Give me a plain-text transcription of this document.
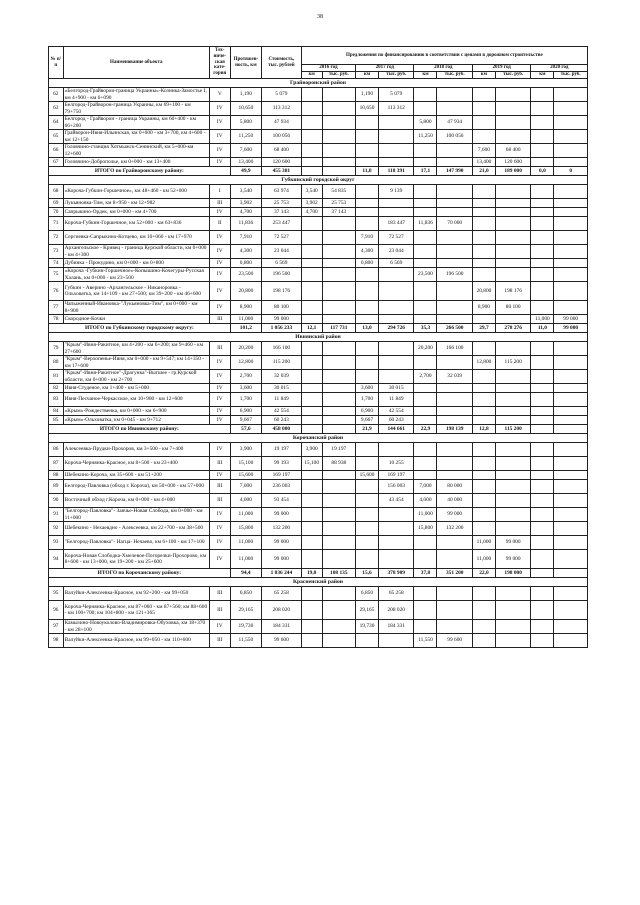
38
№ п/п	Наименование объекта	Тех-ниче-ская кате-гория	Протяжен-ность, км	Стоимость, тыс. рублей	Предложения по финансированию в соответствии с ценами в дорожном строительстве									
					2016 год		2017 год		2018 год		2019 год		2020 год	
					км	тыс. руб.	км	тыс. руб.	км	тыс. руб.	км	тыс. руб.	км	тыс. руб.
Грайворонский район														
62	«Белгород-Грайворон-граница Украины»-Козинка-Замостье I, км 4+900 - км 6+090	V	1,190	5 079			1,190	5 079						
63	Белгород-Грайворон-граница Украины, км 69+100 - км 79+750	IV	10,650	113 312			10,650	113 312						
64	Белгород - Грайворон - граница Украины, км 60+400 - км 66+200	IV	5,800	47 934					5,800	47 934				
65	Грайворон-Ивня-Ильинская, км 0+000 - км 3+700, км 4+600 - км 12+150	IV	11,250	100 056					11,250	100 056				
66	Головчино-станция Хотмыжск-Сенинский, км 5+000-км 12+600	IV	7,600	68 400							7,600	68 400		
67	Головчино-Доброполье, км 0+000 - км 13+400	IV	13,400	120 600							13,400	120 600		
ИТОГО по Грайворонскому району:			49,9	455 381			11,8	118 391	17,1	147 990	21,0	189 000	0,0	0
Губкинский городской округ														
68	«Короча-Губкин-Горшечное», км 48+460 - км 52+000	I	3,540	63 974	3,540	54 835		9 139						
69	Лукьяновка-Тим, км 8+950 - км 12+982	III	3,902	25 753	3,902	25 753								
70	Сапрыкино-Ордек, км 0+000 - км 4+700	IV	4,700	37 143	4,700	37 143								
71	Короча-Губкин-Горшечное, км 52+000 - км 63+836	II	11,836	253 447				183 447	11,836	70 000				
72	Сергиевка-Сапрыкино-Котцево, км 10+060 - км 17+970	IV	7,910	72 527			7,910	72 527						
73	Архангельское - Кривец - граница Курской области, км 0+000 - км 4+300	IV	4,300	23 044			4,300	23 044						
74	Дубинка - Прокудино, км 0+000 - км 0+800	IV	0,800	6 569			0,800	6 569						
75	«Короча -Губкин-Горшечное»-Копышино-Кочегуры-Русская Халань, км 0+000 - км 23+500	IV	23,500	196 500					23,500	196 500				
76	Губкин - Аверино -Архангельское - Никаноровка - Ольховатка, км 14+109 - км 27+500; км 39+200 - км 46+600	IV	20,800	198 176							20,800	198 176		
77	Чапыженный-Ивановка-"Лукьяновка-Тим", км 0+000 - км 8+900	IV	8,900	80 100							8,900	80 100		
78	Скородное-Кочки	III	11,000	99 000									11,000	99 000
ИТОГО по Губкинскому городскому округу:			101,2	1 056 233	12,1	117 731	13,0	294 726	35,3	266 500	29,7	278 276	11,0	99 000
Ивнянский район														
79	"Крым"-Ивня-Ракитное, км 4+200 - км 6+200; км 9+460 - км 27+600	III	20,200	166 100					20,200	166 100				
80	"Крым"-Верхопенье-Ивня, км 0+000 - км 9+547; км 14+350 - км 17+600	IV	12,800	115 200							12,800	115 200		
81	"Крым"-Ивня-Ракитное"-Драгунка"-Выгшее - гр.Курской области, км 0+000 - км 2+700	IV	2,700	32 039					2,700	32 039				
82	Ивня-Студеное, км 1+400 - км 5+000	IV	3,600	30 015			3,600	30 015						
83	Ивня-Песчаное-Черкасское, км 10+900 - км 12+600	IV	1,700	11 849			1,700	11 849						
84	«Крым»-Рождественка, км 0+000 - км 6+900	IV	6,900	42 554			6,900	42 554						
85	«Крым»-Ольховатка, км 0+045 - км 9+712	IV	9,667	60 243			9,667	60 243						
ИТОГО по Ивнянскому району:			57,6	458 000			21,9	144 661	22,9	198 139	12,8	115 200		
Корочанский район														
86	Алексеевка-Прудки-Прохоров, км 3+500 - км 7+400	IV	3,900	19 197	3,900	19 197								
87	Короча-Чернянка-Красное, км 8+500 - км 23+400	III	15,100	99 193	15,100	88 938		10 255						
88	Шебекино-Короча, км 35+600 - км 51+200	IV	15,600	169 197			15,600	169 197						
89	Белгород-Павловка (обход г. Короча), км 50+000 - км 57+000	III	7,000	236 003				156 003	7,000	80 000				
90	Восточный обход г.Короча, км 0+000 - км 4+000	III	4,000	93 454				43 454	4,000	40 000				
91	"Белгород-Павловка"- Заячье-Новая Слобода, км 0+000 - км 11+000	IV	11,000	99 000					11,000	99 000				
92	Шебекино - Нехаевдно - Алексеевка, км 22+700 - км 38+500	IV	15,800	132 200					15,800	132 200				
93	"Белгород-Павловка"- Нагца- Нечаево, км 6+100 - км 17+100	IV	11,000	99 000							11,000	99 000		
94	Короча-Новая Слободка-Хмелевое-Погорелки-Прохорово, км 8+600 - км 13+000, км 19+200 - км 25+600	IV	11,000	99 000							11,000	99 000		
ИТОГО по Корочанскому району:			94,4	1 036 244	19,0	108 135	15,6	378 909	37,8	351 200	22,0	198 000		
Красненский район														
95	Валуйки-Алексеевка-Красное, км 92+200 - км 99+050	III	6,850	65 258			6,850	65 258						
96	Короча-Чернянка-Красное, км 87+060 - км 87+560; км 88+600 - км 100+700; км 104+800 - км 121+365	III	29,165	208 020			29,165	208 020						
97	Камызино-Новоуколово-Владимировка-Обуховка, км 18+370 - км 28+100	IV	19,730	184 331			19,730	184 331						
98	Валуйки-Алексеевка-Красное, км 99+050 - км 110+600	III	11,550	99 600					11,550	99 600				
